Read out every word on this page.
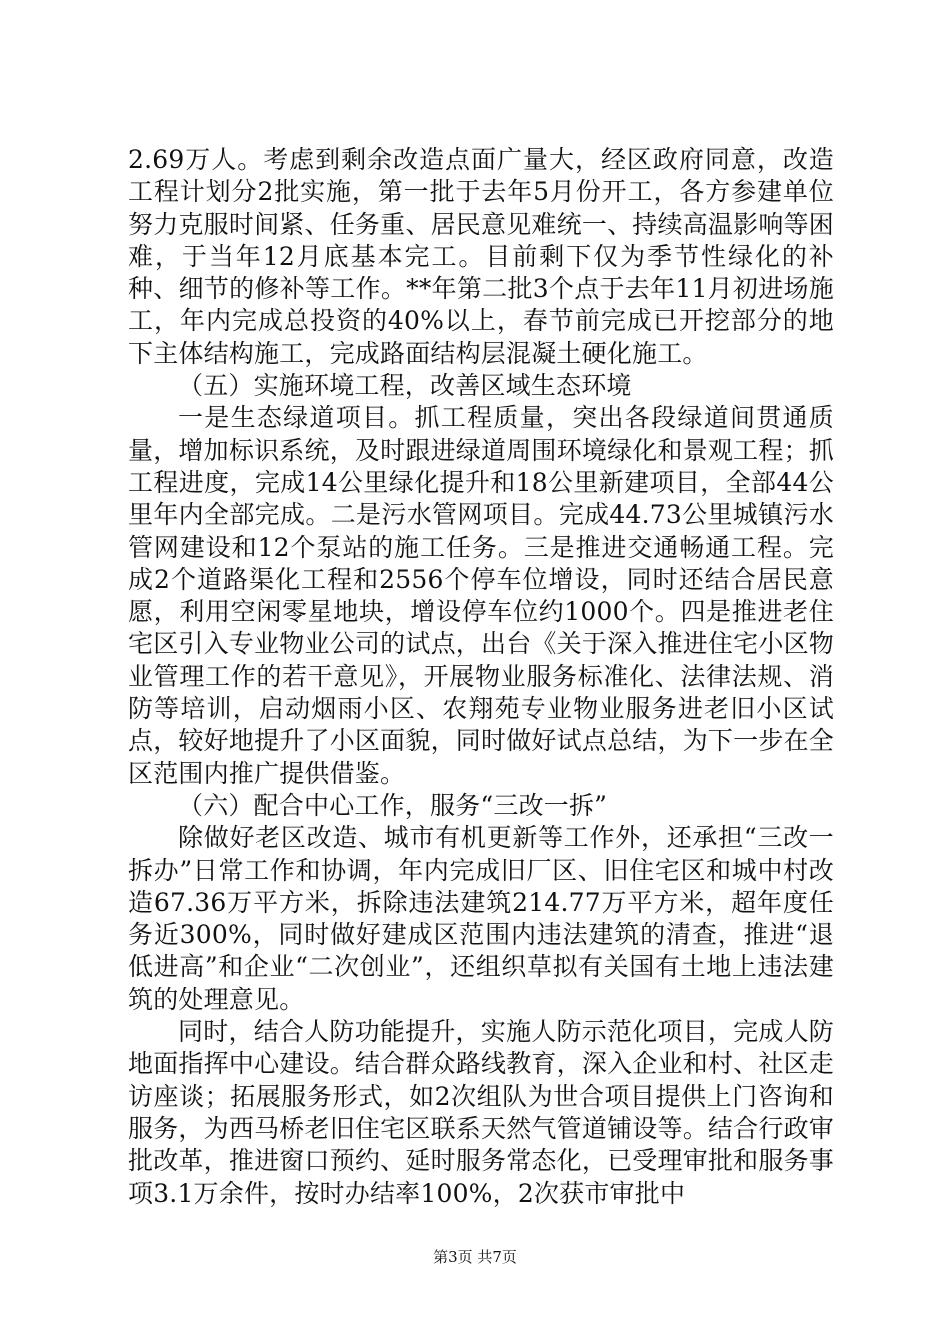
2.69万人。考虑到剩余改造点面广量大，经区政府同意，改造工程计划分2批实施，第一批于去年5月份开工，各方参建单位努力克服时间紧、任务重、居民意见难统一、持续高温影响等困难，于当年12月底基本完工。目前剩下仅为季节性绿化的补种、细节的修补等工作。**年第二批3个点于去年11月初进场施工，年内完成总投资的40%以上，春节前完成已开挖部分的地下主体结构施工，完成路面结构层混凝土硬化施工。

（五）实施环境工程，改善区域生态环境

一是生态绿道项目。抓工程质量，突出各段绿道间贯通质量，增加标识系统，及时跟进绿道周围环境绿化和景观工程；抓工程进度，完成14公里绿化提升和18公里新建项目，全部44公里年内全部完成。二是污水管网项目。完成44.73公里城镇污水管网建设和12个泵站的施工任务。三是推进交通畅通工程。完成2个道路渠化工程和2556个停车位增设，同时还结合居民意愿，利用空闲零星地块，增设停车位约1000个。四是推进老住宅区引入专业物业公司的试点，出台《关于深入推进住宅小区物业管理工作的若干意见》，开展物业服务标准化、法律法规、消防等培训，启动烟雨小区、农翔苑专业物业服务进老旧小区试点，较好地提升了小区面貌，同时做好试点总结，为下一步在全区范围内推广提供借鉴。

（六）配合中心工作，服务“三改一拆”

除做好老区改造、城市有机更新等工作外，还承担“三改一拆办”日常工作和协调，年内完成旧厂区、旧住宅区和城中村改造67.36万平方米，拆除违法建筑214.77万平方米，超年度任务近300%，同时做好建成区范围内违法建筑的清查，推进“退低进高”和企业“二次创业”，还组织草拟有关国有土地上违法建筑的处理意见。

同时，结合人防功能提升，实施人防示范化项目，完成人防地面指挥中心建设。结合群众路线教育，深入企业和村、社区走访座谈；拓展服务形式，如2次组队为世合项目提供上门咨询和服务，为西马桥老旧住宅区联系天然气管道铺设等。结合行政审批改革，推进窗口预约、延时服务常态化，已受理审批和服务事项3.1万余件，按时办结率100%，2次获市审批中

第3页 共7页
